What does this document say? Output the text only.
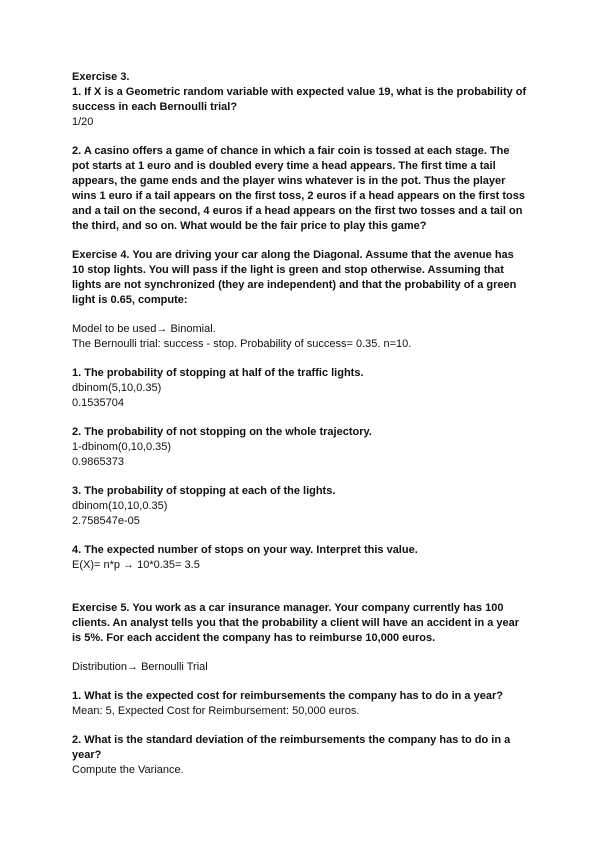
Exercise 3.

1. If X is a Geometric random variable with expected value 19, what is the probability of success in each Bernoulli trial?

1/20

2. A casino offers a game of chance in which a fair coin is tossed at each stage. The pot starts at 1 euro and is doubled every time a head appears. The first time a tail appears, the game ends and the player wins whatever is in the pot. Thus the player wins 1 euro if a tail appears on the first toss, 2 euros if a head appears on the first toss and a tail on the second, 4 euros if a head appears on the first two tosses and a tail on the third, and so on. What would be the fair price to play this game?

Exercise 4. You are driving your car along the Diagonal. Assume that the avenue has 10 stop lights. You will pass if the light is green and stop otherwise. Assuming that lights are not synchronized (they are independent) and that the probability of a green light is 0.65, compute:

Model to be used→ Binomial.

The Bernoulli trial: success - stop. Probability of success= 0.35. n=10.

1. The probability of stopping at half of the traffic lights.

dbinom(5,10,0.35)

0.1535704

2. The probability of not stopping on the whole trajectory.

1-dbinom(0,10,0.35)

0.9865373

3. The probability of stopping at each of the lights.

dbinom(10,10,0.35)

2.758547e-05

4. The expected number of stops on your way. Interpret this value.

E(X)= n*p → 10*0.35= 3.5

Exercise 5. You work as a car insurance manager. Your company currently has 100 clients. An analyst tells you that the probability a client will have an accident in a year is 5%. For each accident the company has to reimburse 10,000 euros.

Distribution→ Bernoulli Trial

1. What is the expected cost for reimbursements the company has to do in a year?

Mean: 5, Expected Cost for Reimbursement: 50,000 euros.

2. What is the standard deviation of the reimbursements the company has to do in a year?

Compute the Variance.
